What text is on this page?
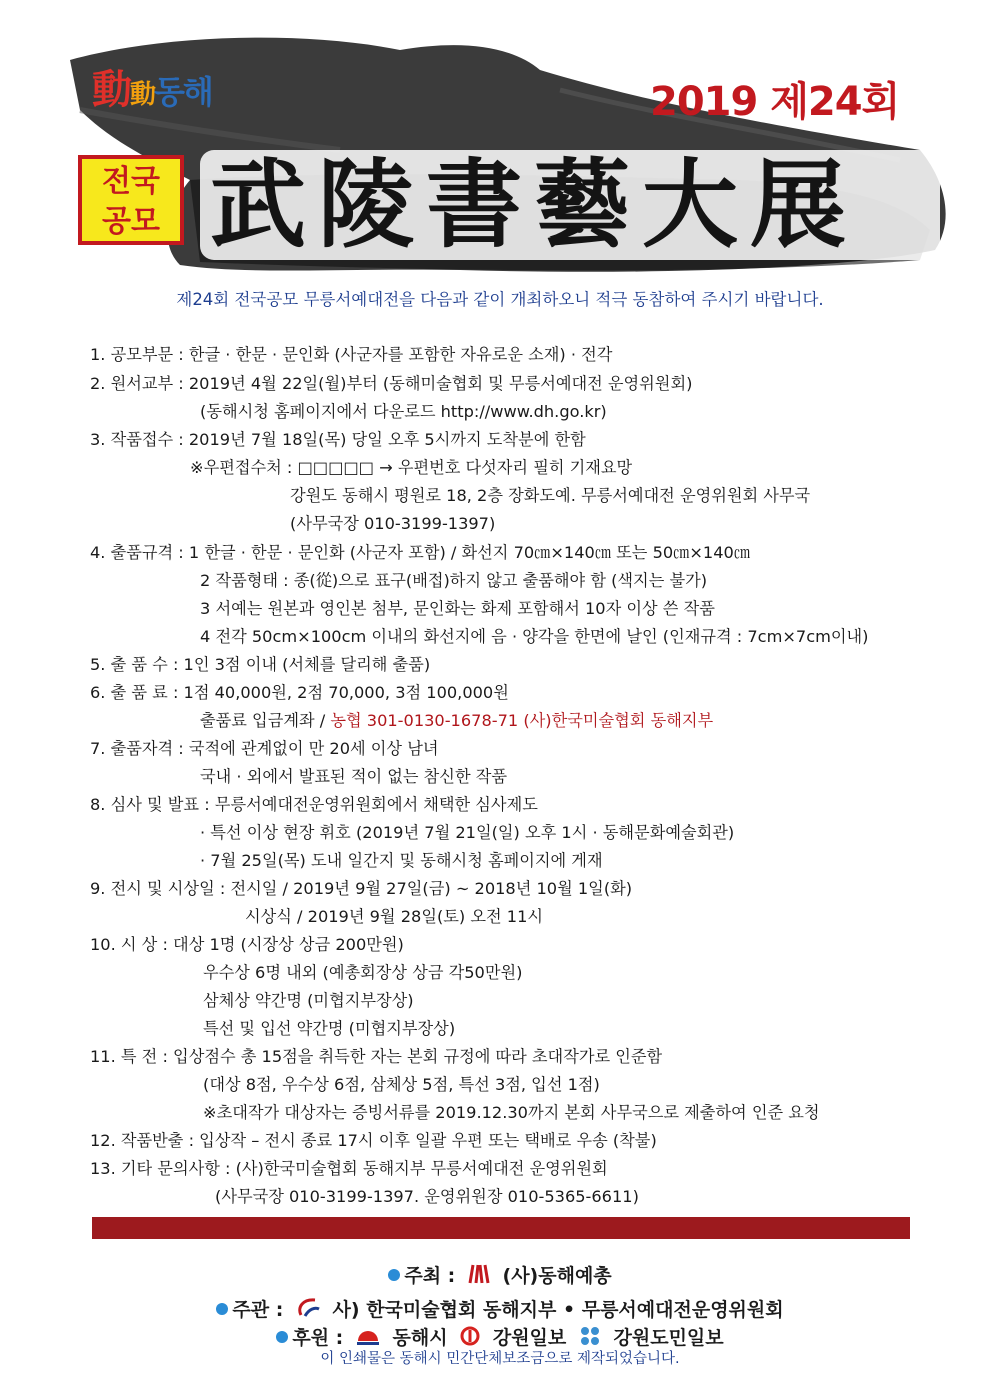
動動동해	2019 제24회
전국
공모 武陵書藝大展
제24회 전국공모 무릉서예대전을 다음과 같이 개최하오니 적극 동참하여 주시기 바랍니다.
1. 공모부문 : 한글 · 한문 · 문인화 (사군자를 포함한 자유로운 소재) · 전각
2. 원서교부 : 2019년 4월 22일(월)부터 (동해미술협회 및 무릉서예대전 운영위원회)
(동해시청 홈페이지에서 다운로드 http://www.dh.go.kr)
3. 작품접수 : 2019년 7월 18일(목) 당일 오후 5시까지 도착분에 한함
※우편접수처 : □□□□□ → 우편번호 다섯자리 필히 기재요망
강원도 동해시 평원로 18, 2층 장화도예. 무릉서예대전 운영위원회 사무국
(사무국장 010-3199-1397)
4. 출품규격 : 1 한글 · 한문 · 문인화 (사군자 포함) / 화선지 70㎝×140㎝ 또는 50㎝×140㎝
2 작품형태 : 종(從)으로 표구(배접)하지 않고 출품해야 함 (색지는 불가)
3 서예는 원본과 영인본 첨부, 문인화는 화제 포함해서 10자 이상 쓴 작품
4 전각 50cm×100cm 이내의 화선지에 음 · 양각을 한면에 날인 (인재규격 : 7cm×7cm이내)
5. 출 품 수 : 1인 3점 이내 (서체를 달리해 출품)
6. 출 품 료 : 1점 40,000원, 2점 70,000, 3점 100,000원
출품료 입금계좌 / 농협 301-0130-1678-71 (사)한국미술협회 동해지부
7. 출품자격 : 국적에 관계없이 만 20세 이상 남녀
국내 · 외에서 발표된 적이 없는 참신한 작품
8. 심사 및 발표 : 무릉서예대전운영위원회에서 채택한 심사제도
· 특선 이상 현장 휘호 (2019년 7월 21일(일) 오후 1시 · 동해문화예술회관)
· 7월 25일(목) 도내 일간지 및 동해시청 홈페이지에 게재
9. 전시 및 시상일 : 전시일 / 2019년 9월 27일(금) ∼ 2018년 10월 1일(화)
시상식 / 2019년 9월 28일(토) 오전 11시
10. 시 상 : 대상 1명 (시장상 상금 200만원)
우수상 6명 내외 (예총회장상 상금 각50만원)
삼체상 약간명 (미협지부장상)
특선 및 입선 약간명 (미협지부장상)
11. 특 전 : 입상점수 총 15점을 취득한 자는 본회 규정에 따라 초대작가로 인준함
(대상 8점, 우수상 6점, 삼체상 5점, 특선 3점, 입선 1점)
※초대작가 대상자는 증빙서류를 2019.12.30까지 본회 사무국으로 제출하여 인준 요청
12. 작품반출 : 입상작 – 전시 종료 17시 이후 일괄 우편 또는 택배로 우송 (착불)
13. 기타 문의사항 : (사)한국미술협회 동해지부 무릉서예대전 운영위원회
(사무국장 010-3199-1397. 운영위원장 010-5365-6611)
주최 : (사)동해예총
주관 :	사) 한국미술협회 동해지부 • 무릉서예대전운영위원회
후원 :	동해시 강원일보 강원도민일보
이 인쇄물은 동해시 민간단체보조금으로 제작되었습니다.
